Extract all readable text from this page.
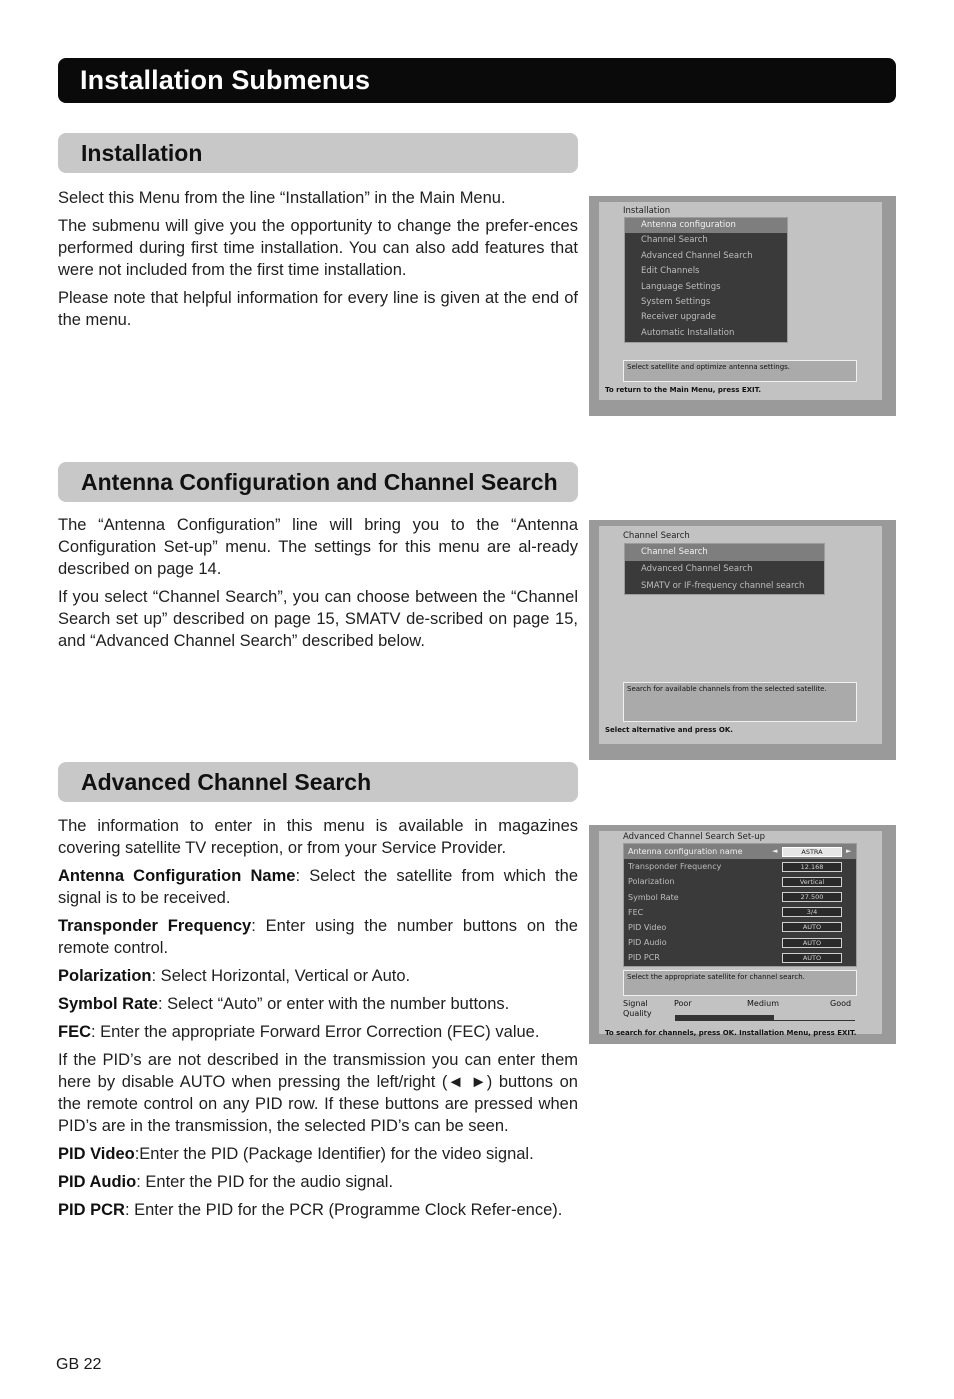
Installation Submenus
Installation

Select this Menu from the line “Installation” in the Main Menu.

The submenu will give you the opportunity to change the prefer-ences performed during first time installation. You can also add features that were not included from the first time installation.

Please note that helpful information for every line is given at the end of the menu.

Installation
Antenna configuration
Channel Search
Advanced Channel Search
Edit Channels
Language Settings
System Settings
Receiver upgrade
Automatic Installation
Select satellite and optimize antenna settings.
To return to the Main Menu, press EXIT.
Antenna Configuration and Channel Search

The “Antenna Configuration” line will bring you to the “Antenna Configuration Set-up” menu. The settings for this menu are al-ready described on page 14.

If you select “Channel Search”, you can choose between the “Channel Search set up” described on page 15, SMATV de-scribed on page 15, and “Advanced Channel Search” described below.

Channel Search
Channel Search
Advanced Channel Search
SMATV or IF-frequency channel search
Search for available channels from the selected satellite.
Select alternative and press OK.
Advanced Channel Search

The information to enter in this menu is available in magazines covering satellite TV reception, or from your Service Provider.

Antenna Configuration Name: Select the satellite from which the signal is to be received.

Transponder Frequency: Enter using the number buttons on the remote control.

Polarization: Select Horizontal, Vertical or Auto.

Symbol Rate: Select “Auto” or enter with the number buttons.

FEC: Enter the appropriate Forward Error Correction (FEC) value.

If the PID’s are not described in the transmission you can enter them here by disable AUTO when pressing the left/right (◄ ►) buttons on the remote control on any PID row. If these buttons are pressed when PID’s are in the transmission, the selected PID’s can be seen.

PID Video:Enter the PID (Package Identifier) for the video signal.

PID Audio: Enter the PID for the audio signal.

PID PCR: Enter the PID for the PCR (Programme Clock Refer-ence).

Advanced Channel Search Set-up
Antenna configuration name	◄	ASTRA	►
Transponder Frequency	12.168
Polarization	Vertical
Symbol Rate	27.500
FEC	3/4
PID Video	AUTO
PID Audio	AUTO
PID PCR	AUTO
Select the appropriate satellite for channel search.
Signal
Quality
Poor	Medium	Good
To search for channels, press OK. Installation Menu, press EXIT.
GB 22
